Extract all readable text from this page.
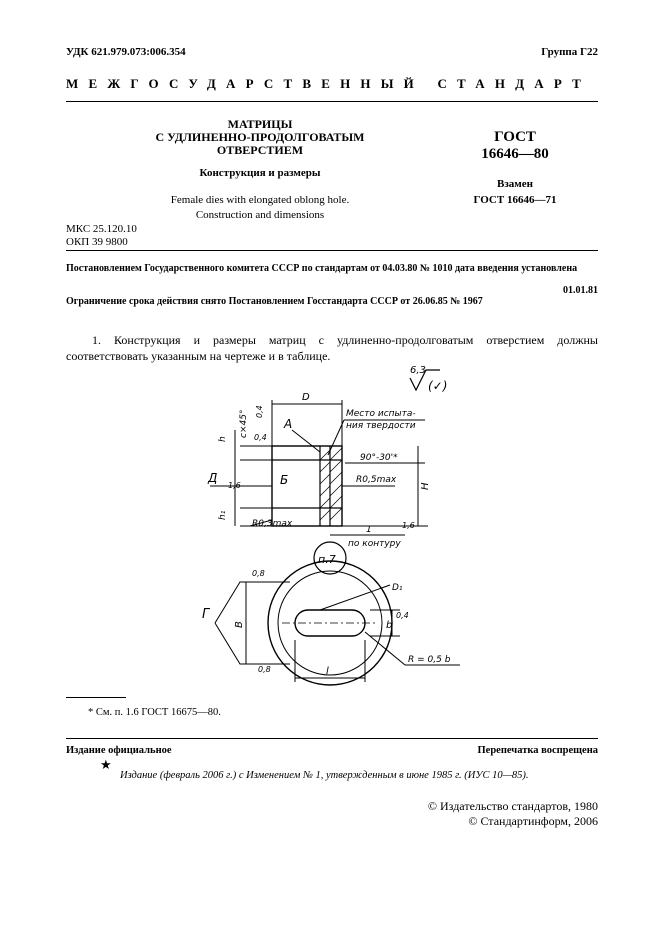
УДК 621.979.073:006.354	Группа Г22
МЕЖГОСУДАРСТВЕННЫЙ СТАНДАРТ
МАТРИЦЫ
С УДЛИНЕННО-ПРОДОЛГОВАТЫМ
ОТВЕРСТИЕМ
Конструкция и размеры
Female dies with elongated oblong hole.
Construction and dimensions
ГОСТ
16646—80
Взамен
ГОСТ 16646—71
МКС 25.120.10
ОКП 39 9800
Постановлением Государственного комитета СССР по стандартам от 04.03.80 № 1010 дата введения установлена
01.01.81
Ограничение срока действия снято Постановлением Госстандарта СССР от 26.06.85 № 1967
1. Конструкция и размеры матриц с удлиненно-продолговатым отверстием должны соответствовать указанным на чертеже и в таблице.
6,3
(✓)
D
А
Б
Д
Г
c×45°
h
h₁
H
0,4
0,4
1,6
1,6
0,8
0,8
0,4
90°-30'*
R0,5max
R0,3max
Место испыта-
ния твердости
1
по контуру
п.7
D₁
B	b
l
R = 0,5 b
* См. п. 1.6 ГОСТ 16675—80.
Издание официальное	Перепечатка воспрещена
★
Издание (февраль 2006 г.) с Изменением № 1, утвержденным в июне 1985 г. (ИУС 10—85).
© Издательство стандартов, 1980
© Стандартинформ, 2006
